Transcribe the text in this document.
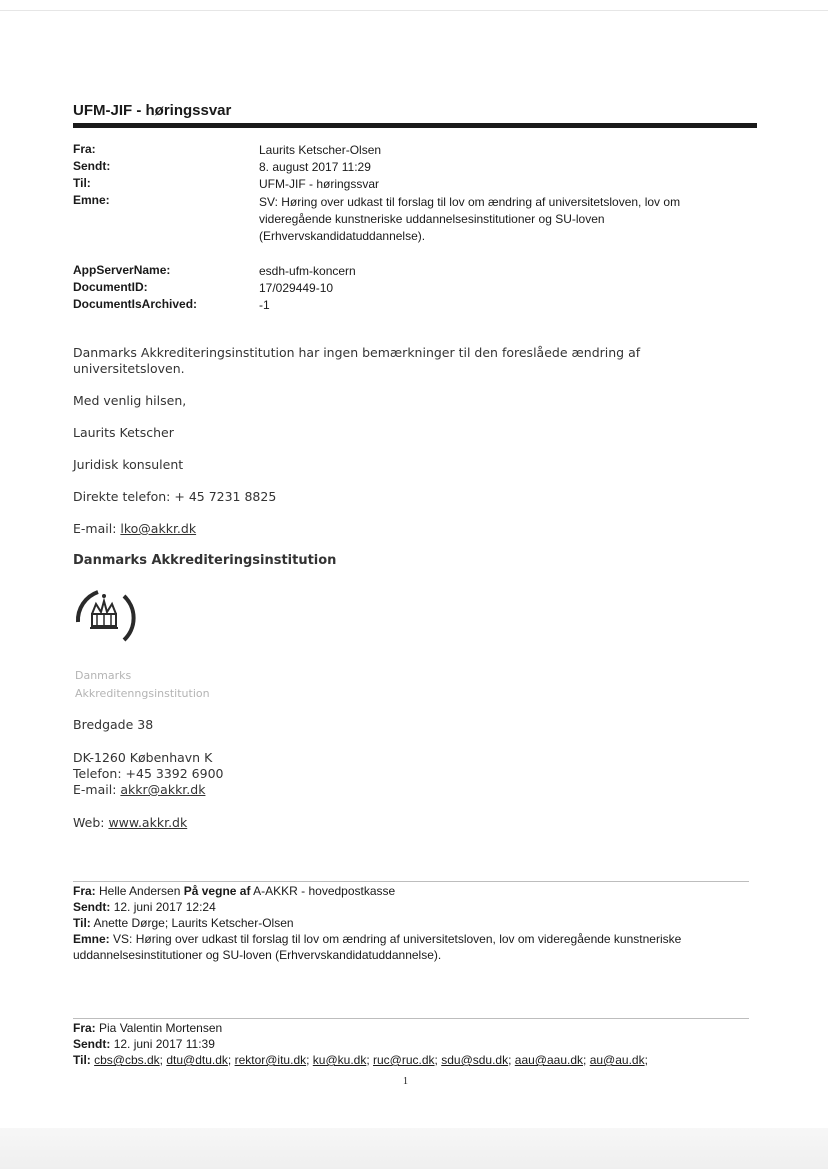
UFM-JIF - høringssvar
Fra:	Laurits Ketscher-Olsen
Sendt:	8. august 2017 11:29
Til:	UFM-JIF - høringssvar
Emne:	SV: Høring over udkast til forslag til lov om ændring af universitetsloven, lov om videregående kunstneriske uddannelsesinstitutioner og SU-loven (Erhvervskandidatuddannelse).
AppServerName:	esdh-ufm-koncern
DocumentID:	17/029449-10
DocumentIsArchived:	-1
Danmarks Akkrediteringsinstitution har ingen bemærkninger til den foreslåede ændring af universitetsloven.
Med venlig hilsen,
Laurits Ketscher
Juridisk konsulent
Direkte telefon: + 45 7231 8825
E-mail: lko@akkr.dk
Danmarks Akkrediteringsinstitution
Danmarks
Akkreditenngsinstitution
Bredgade 38
DK-1260 København K
Telefon: +45 3392 6900
E-mail: akkr@akkr.dk
Web: www.akkr.dk
Fra: Helle Andersen På vegne af A-AKKR - hovedpostkasse
Sendt: 12. juni 2017 12:24
Til: Anette Dørge; Laurits Ketscher-Olsen
Emne: VS: Høring over udkast til forslag til lov om ændring af universitetsloven, lov om videregående kunstneriske uddannelsesinstitutioner og SU-loven (Erhvervskandidatuddannelse).
Fra: Pia Valentin Mortensen
Sendt: 12. juni 2017 11:39
Til: cbs@cbs.dk; dtu@dtu.dk; rektor@itu.dk; ku@ku.dk; ruc@ruc.dk; sdu@sdu.dk; aau@aau.dk; au@au.dk;
1
